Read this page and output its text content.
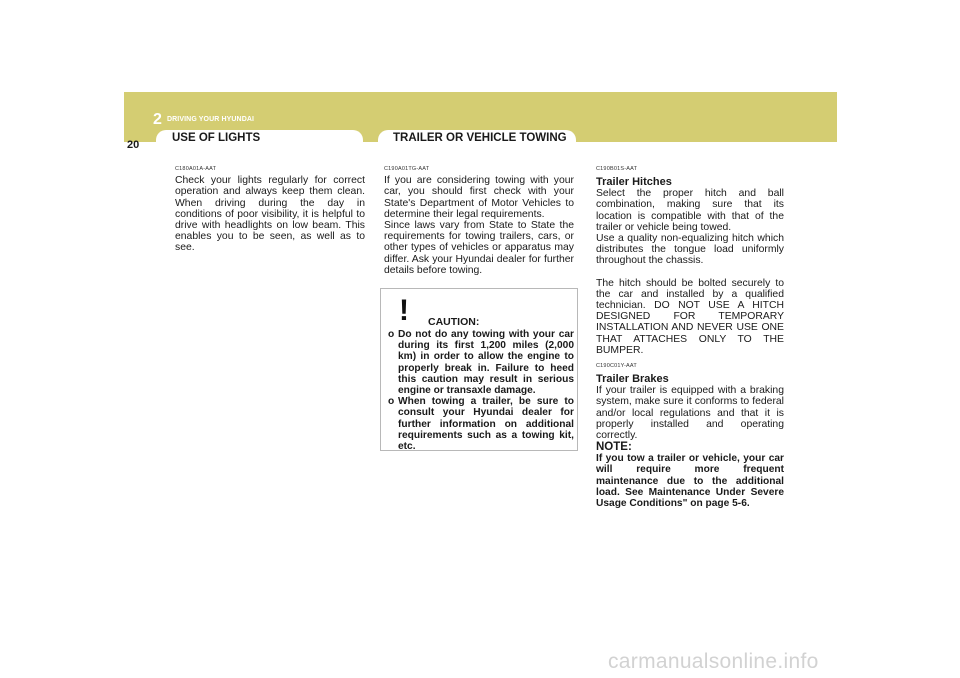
2 DRIVING YOUR HYUNDAI
20
USE OF LIGHTS	TRAILER OR VEHICLE TOWING

C180A01A-AAT

Check your lights regularly for correct operation and always keep them clean. When driving during the day in conditions of poor visibility, it is helpful to drive with headlights on low beam. This enables you to be seen, as well as to see.

C190A01TG-AAT

If you are considering towing with your car, you should first check with your State's Department of Motor Vehicles to determine their legal requirements.

Since laws vary from State to State the requirements for towing trailers, cars, or other types of vehicles or apparatus may differ. Ask your Hyundai dealer for further details before towing.

! CAUTION:
o Do not do any towing with your car during its first 1,200 miles (2,000 km) in order to allow the engine to properly break in. Failure to heed this caution may result in serious engine or transaxle damage.
o When towing a trailer, be sure to consult your Hyundai dealer for further information on additional requirements such as a towing kit, etc.

C190B01S-AAT

Trailer Hitches

Select the proper hitch and ball combination, making sure that its location is compatible with that of the trailer or vehicle being towed.

Use a quality non-equalizing hitch which distributes the tongue load uniformly throughout the chassis.

The hitch should be bolted securely to the car and installed by a qualified technician. DO NOT USE A HITCH DESIGNED FOR TEMPORARY INSTALLATION AND NEVER USE ONE THAT ATTACHES ONLY TO THE BUMPER.

C190C01Y-AAT

Trailer Brakes

If your trailer is equipped with a braking system, make sure it conforms to federal and/or local regulations and that it is properly installed and operating correctly.

NOTE:

If you tow a trailer or vehicle, your car will require more frequent maintenance due to the additional load. See Maintenance Under Severe Usage Conditions" on page 5-6.

carmanualsonline.info
